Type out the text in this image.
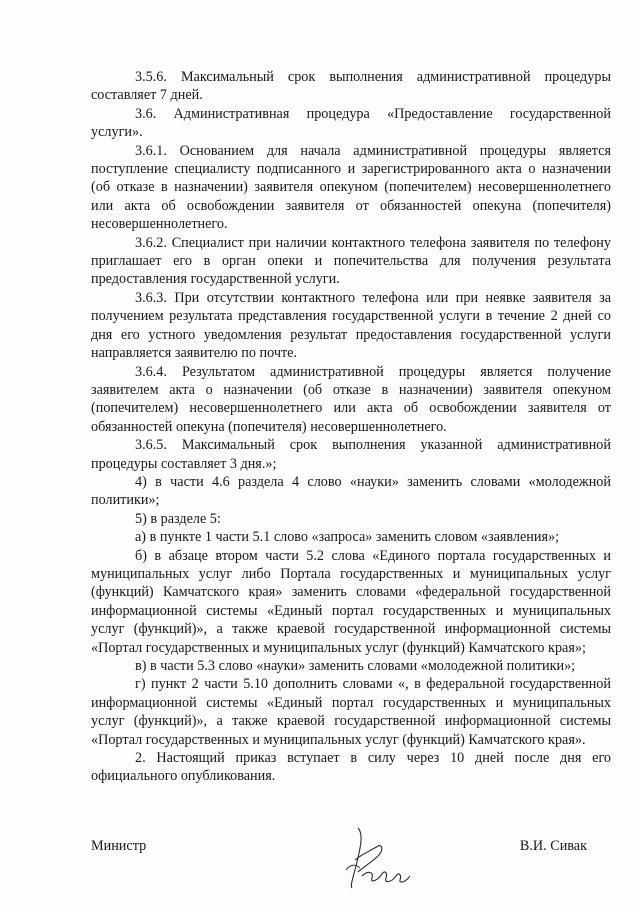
3.5.6. Максимальный срок выполнения административной процедуры составляет 7 дней.

3.6. Административная процедура «Предоставление государственной услуги».

3.6.1. Основанием для начала административной процедуры является поступление специалисту подписанного и зарегистрированного акта о назначении (об отказе в назначении) заявителя опекуном (попечителем) несовершеннолетнего или акта об освобождении заявителя от обязанностей опекуна (попечителя) несовершеннолетнего.

3.6.2. Специалист при наличии контактного телефона заявителя по телефону приглашает его в орган опеки и попечительства для получения результата предоставления государственной услуги.

3.6.3. При отсутствии контактного телефона или при неявке заявителя за получением результата представления государственной услуги в течение 2 дней со дня его устного уведомления результат предоставления государственной услуги направляется заявителю по почте.

3.6.4. Результатом административной процедуры является получение заявителем акта о назначении (об отказе в назначении) заявителя опекуном (попечителем) несовершеннолетнего или акта об освобождении заявителя от обязанностей опекуна (попечителя) несовершеннолетнего.

3.6.5. Максимальный срок выполнения указанной административной процедуры составляет 3 дня.»;

4) в части 4.6 раздела 4 слово «науки» заменить словами «молодежной политики»;

5) в разделе 5:

а) в пункте 1 части 5.1 слово «запроса» заменить словом «заявления»;

б) в абзаце втором части 5.2 слова «Единого портала государственных и муниципальных услуг либо Портала государственных и муниципальных услуг (функций) Камчатского края» заменить словами «федеральной государственной информационной системы «Единый портал государственных и муниципальных услуг (функций)», а также краевой государственной информационной системы «Портал государственных и муниципальных услуг (функций) Камчатского края»;

в) в части 5.3 слово «науки» заменить словами «молодежной политики»;

г) пункт 2 части 5.10 дополнить словами «, в федеральной государственной информационной системы «Единый портал государственных и муниципальных услуг (функций)», а также краевой государственной информационной системы «Портал государственных и муниципальных услуг (функций) Камчатского края».

2. Настоящий приказ вступает в силу через 10 дней после дня его официального опубликования.

Министр	В.И. Сивак
